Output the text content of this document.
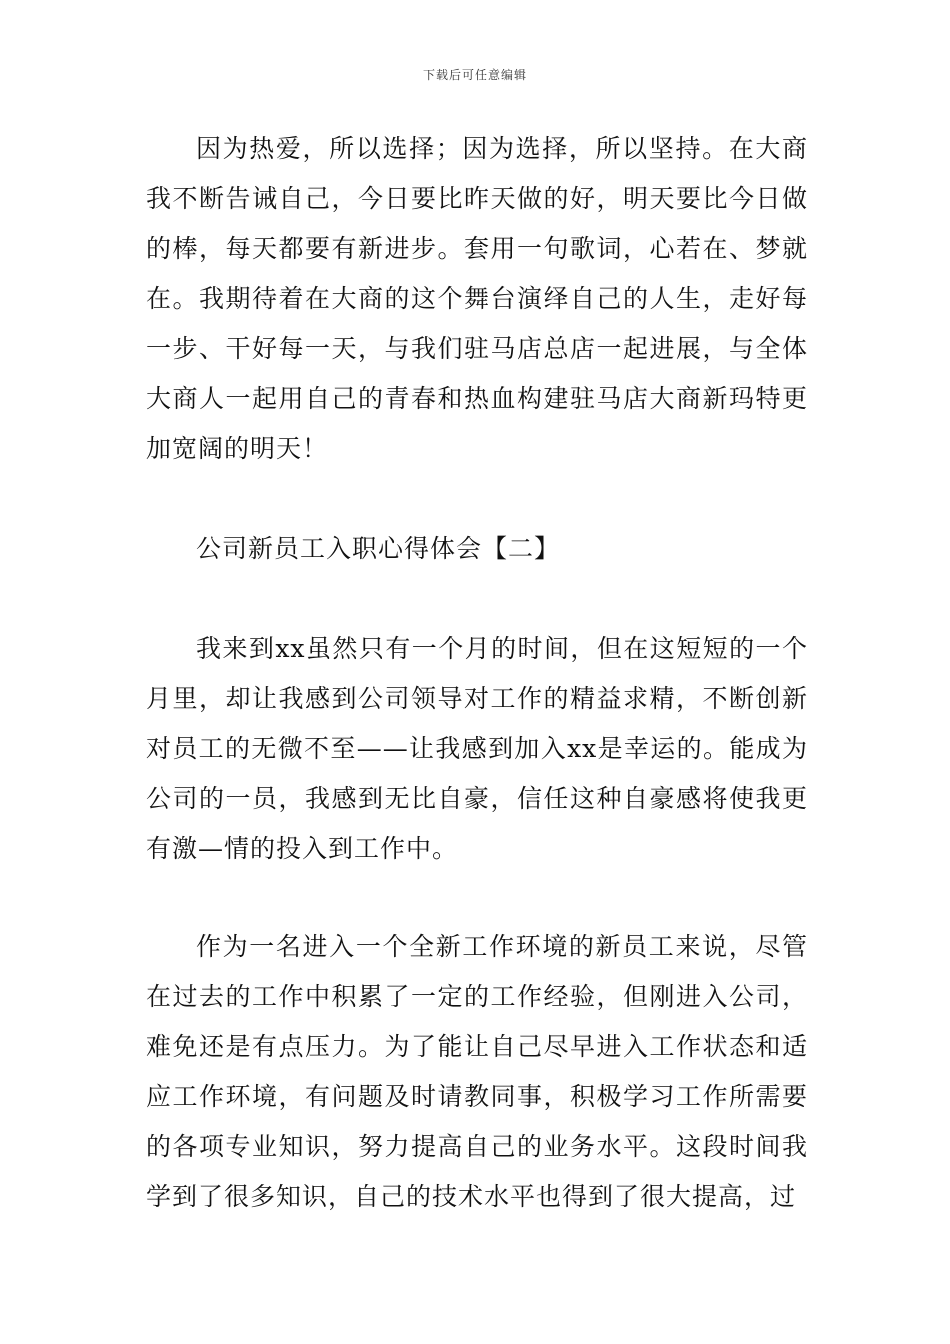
下载后可任意编辑

因为热爱，所以选择；因为选择，所以坚持。在大商我不断告诫自己，今日要比昨天做的好，明天要比今日做的棒，每天都要有新进步。套用一句歌词，心若在、梦就在。我期待着在大商的这个舞台演绎自己的人生，走好每一步、干好每一天，与我们驻马店总店一起进展，与全体大商人一起用自己的青春和热血构建驻马店大商新玛特更加宽阔的明天！

公司新员工入职心得体会【二】

我来到xx虽然只有一个月的时间，但在这短短的一个月里，却让我感到公司领导对工作的精益求精，不断创新对员工的无微不至——让我感到加入xx是幸运的。能成为公司的一员，我感到无比自豪，信任这种自豪感将使我更有激—情的投入到工作中。

作为一名进入一个全新工作环境的新员工来说，尽管在过去的工作中积累了一定的工作经验，但刚进入公司，难免还是有点压力。为了能让自己尽早进入工作状态和适应工作环境，有问题及时请教同事，积极学习工作所需要的各项专业知识，努力提高自己的业务水平。这段时间我学到了很多知识，自己的技术水平也得到了很大提高，过
